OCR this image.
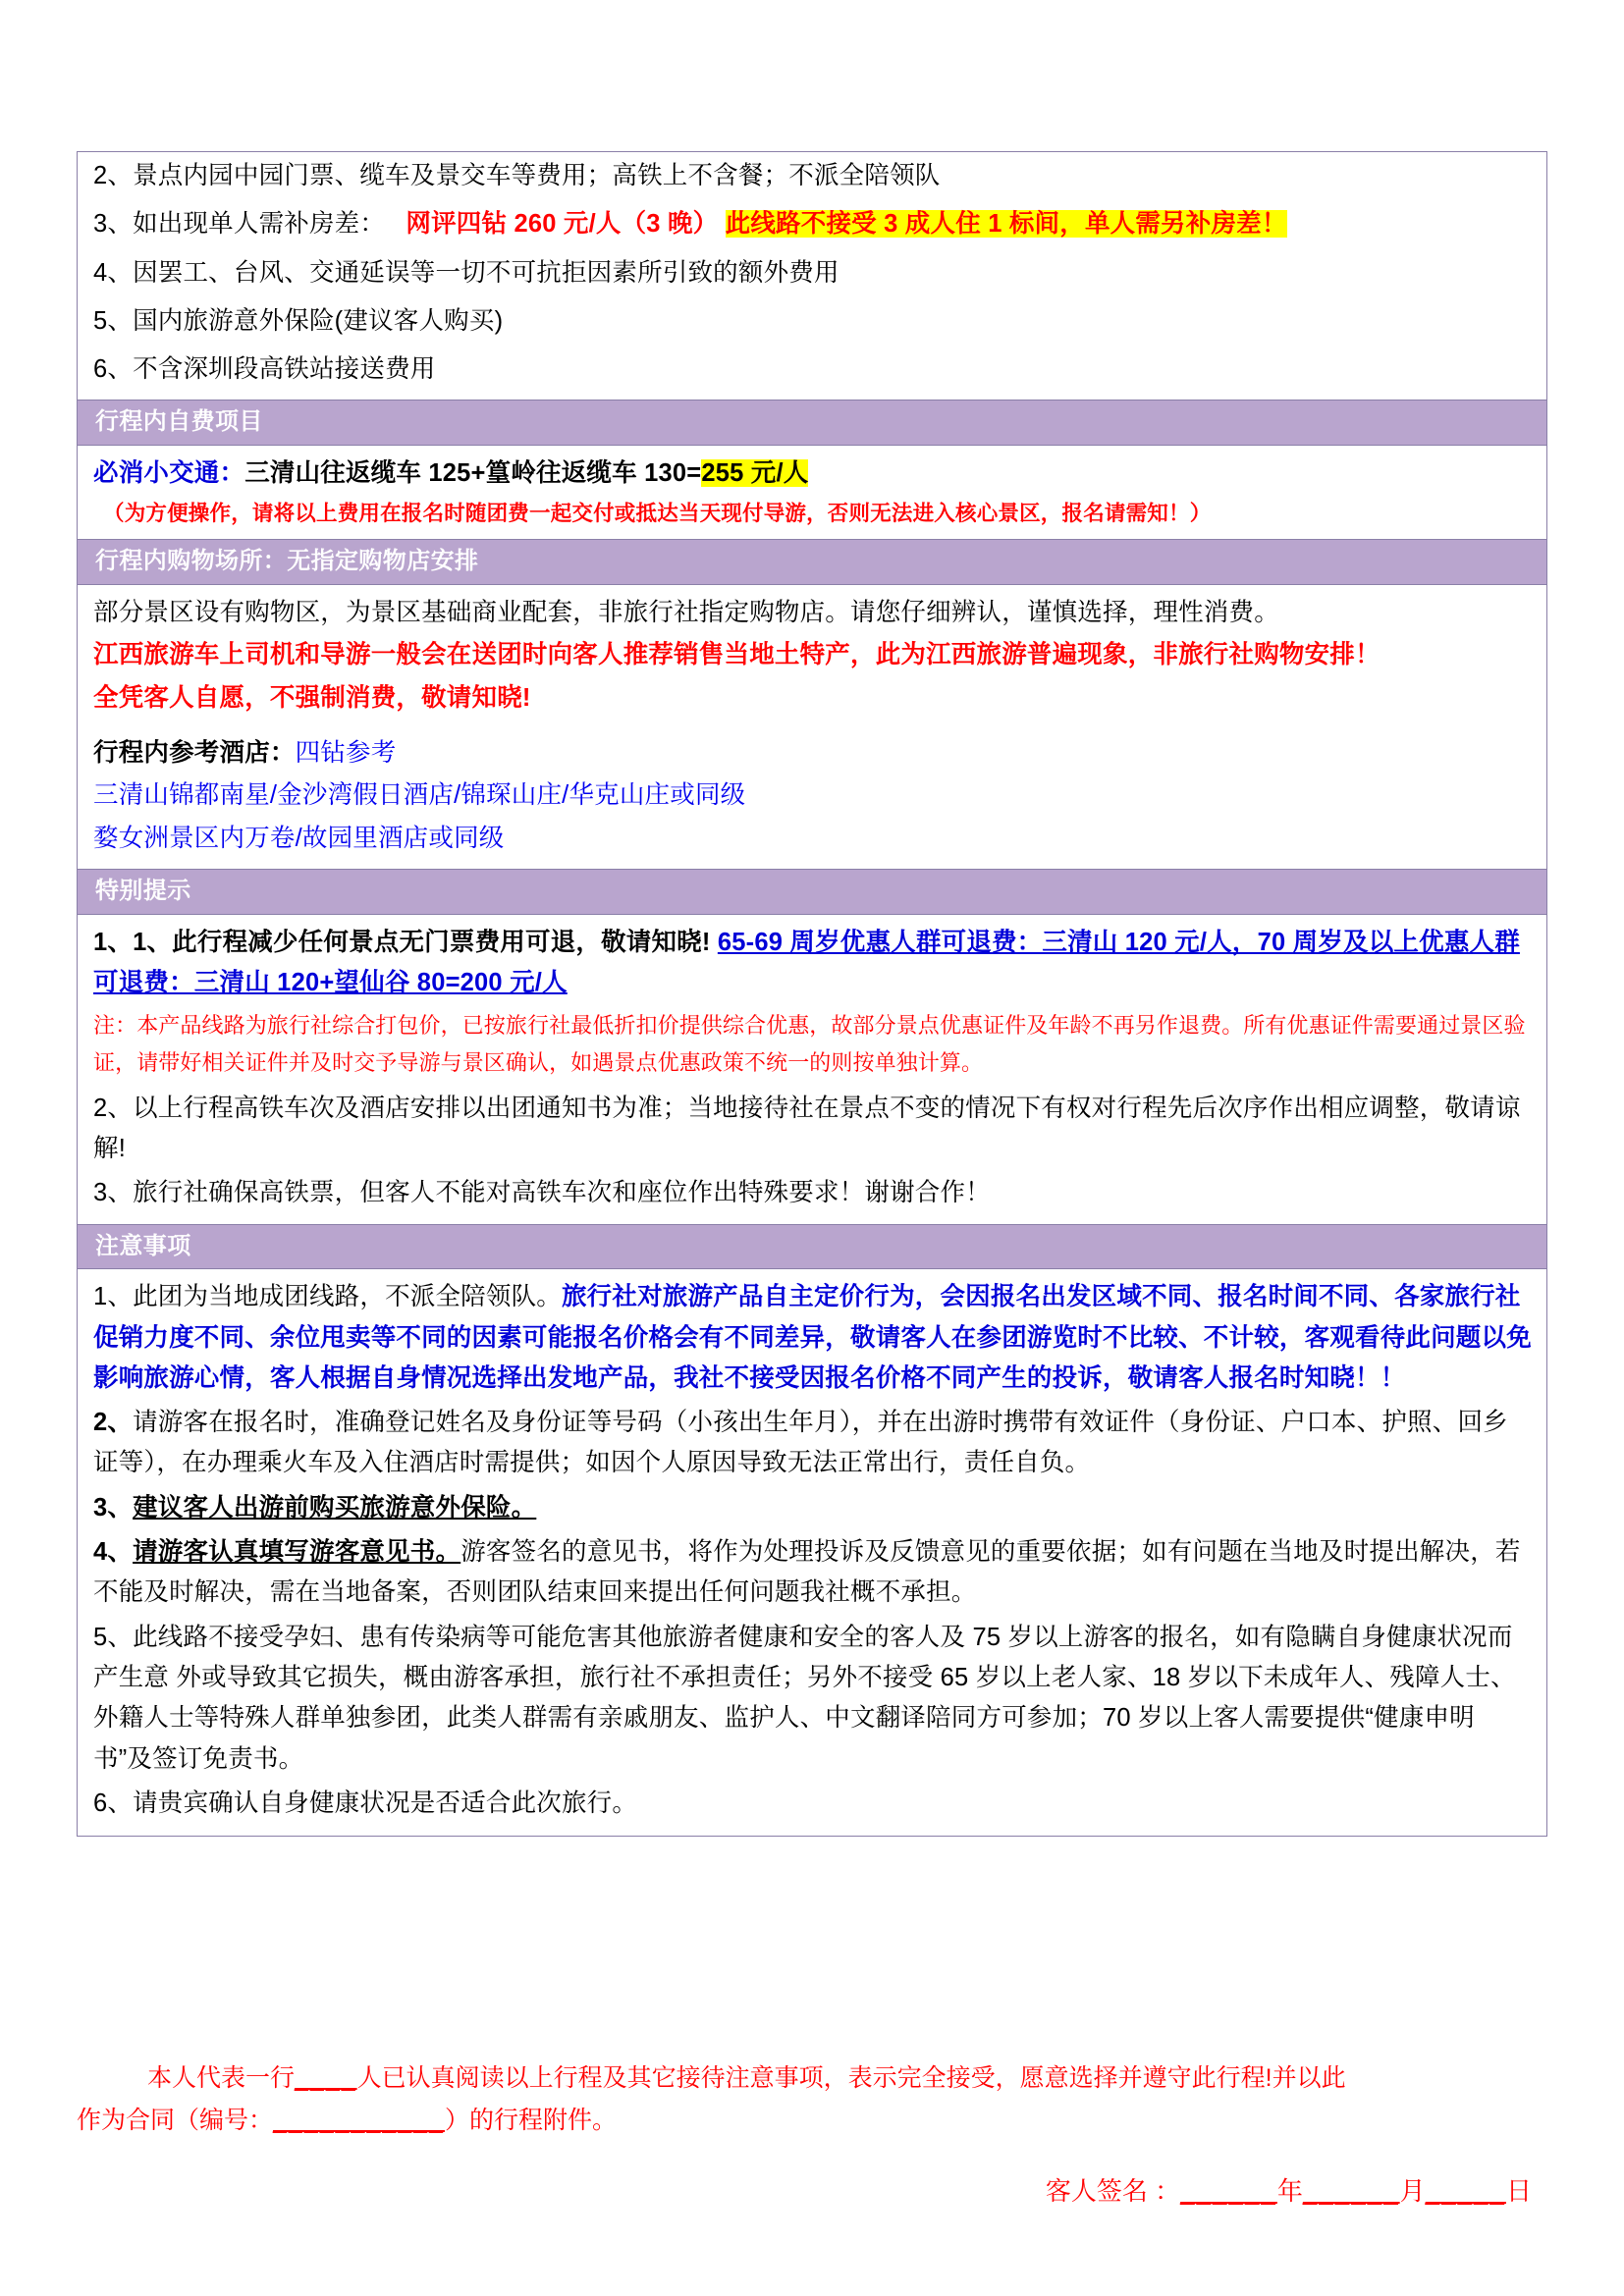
2、景点内园中园门票、缆车及景交车等费用；高铁上不含餐；不派全陪领队
3、如出现单人需补房差： 网评四钻 260 元/人（3 晚） 此线路不接受 3 成人住 1 标间，单人需另补房差！
4、因罢工、台风、交通延误等一切不可抗拒因素所引致的额外费用
5、国内旅游意外保险(建议客人购买)
6、不含深圳段高铁站接送费用
行程内自费项目
必消小交通：三清山往返缆车 125+篁岭往返缆车 130=255 元/人
（为方便操作，请将以上费用在报名时随团费一起交付或抵达当天现付导游，否则无法进入核心景区，报名请需知！）
行程内购物场所：无指定购物店安排
部分景区设有购物区，为景区基础商业配套，非旅行社指定购物店。请您仔细辨认，谨慎选择，理性消费。
江西旅游车上司机和导游一般会在送团时向客人推荐销售当地土特产，此为江西旅游普遍现象，非旅行社购物安排！
全凭客人自愿，不强制消费，敬请知晓!
行程内参考酒店：四钻参考
三清山锦都南星/金沙湾假日酒店/锦琛山庄/华克山庄或同级
婺女洲景区内万卷/故园里酒店或同级
特别提示
1、1、此行程减少任何景点无门票费用可退，敬请知晓! 65-69 周岁优惠人群可退费：三清山 120 元/人，70 周岁及以上优惠人群可退费：三清山 120+望仙谷 80=200 元/人
注：本产品线路为旅行社综合打包价，已按旅行社最低折扣价提供综合优惠，故部分景点优惠证件及年龄不再另作退费。所有优惠证件需要通过景区验证，请带好相关证件并及时交予导游与景区确认，如遇景点优惠政策不统一的则按单独计算。
2、以上行程高铁车次及酒店安排以出团通知书为准；当地接待社在景点不变的情况下有权对行程先后次序作出相应调整，敬请谅解!
3、旅行社确保高铁票，但客人不能对高铁车次和座位作出特殊要求！谢谢合作！
注意事项
1、此团为当地成团线路，不派全陪领队。旅行社对旅游产品自主定价行为，会因报名出发区域不同、报名时间不同、各家旅行社促销力度不同、余位甩卖等不同的因素可能报名价格会有不同差异，敬请客人在参团游览时不比较、不计较，客观看待此问题以免影响旅游心情，客人根据自身情况选择出发地产品，我社不接受因报名价格不同产生的投诉，敬请客人报名时知晓！！
2、请游客在报名时，准确登记姓名及身份证等号码（小孩出生年月），并在出游时携带有效证件（身份证、户口本、护照、回乡证等），在办理乘火车及入住酒店时需提供；如因个人原因导致无法正常出行，责任自负。
3、建议客人出游前购买旅游意外保险。
4、请游客认真填写游客意见书。游客签名的意见书，将作为处理投诉及反馈意见的重要依据；如有问题在当地及时提出解决，若不能及时解决，需在当地备案，否则团队结束回来提出任何问题我社概不承担。
5、此线路不接受孕妇、患有传染病等可能危害其他旅游者健康和安全的客人及 75 岁以上游客的报名，如有隐瞒自身健康状况而产生意 外或导致其它损失，概由游客承担，旅行社不承担责任；另外不接受 65 岁以上老人家、18 岁以下未成年人、残障人士、外籍人士等特殊人群单独参团，此类人群需有亲戚朋友、监护人、中文翻译陪同方可参加；70 岁以上客人需要提供“健康申明书”及签订免责书。
6、请贵宾确认自身健康状况是否适合此次旅行。
本人代表一行____人已认真阅读以上行程及其它接待注意事项，表示完全接受，愿意选择并遵守此行程!并以此
作为合同（编号：___________）的行程附件。
客人签名 ：______年______月_____日
